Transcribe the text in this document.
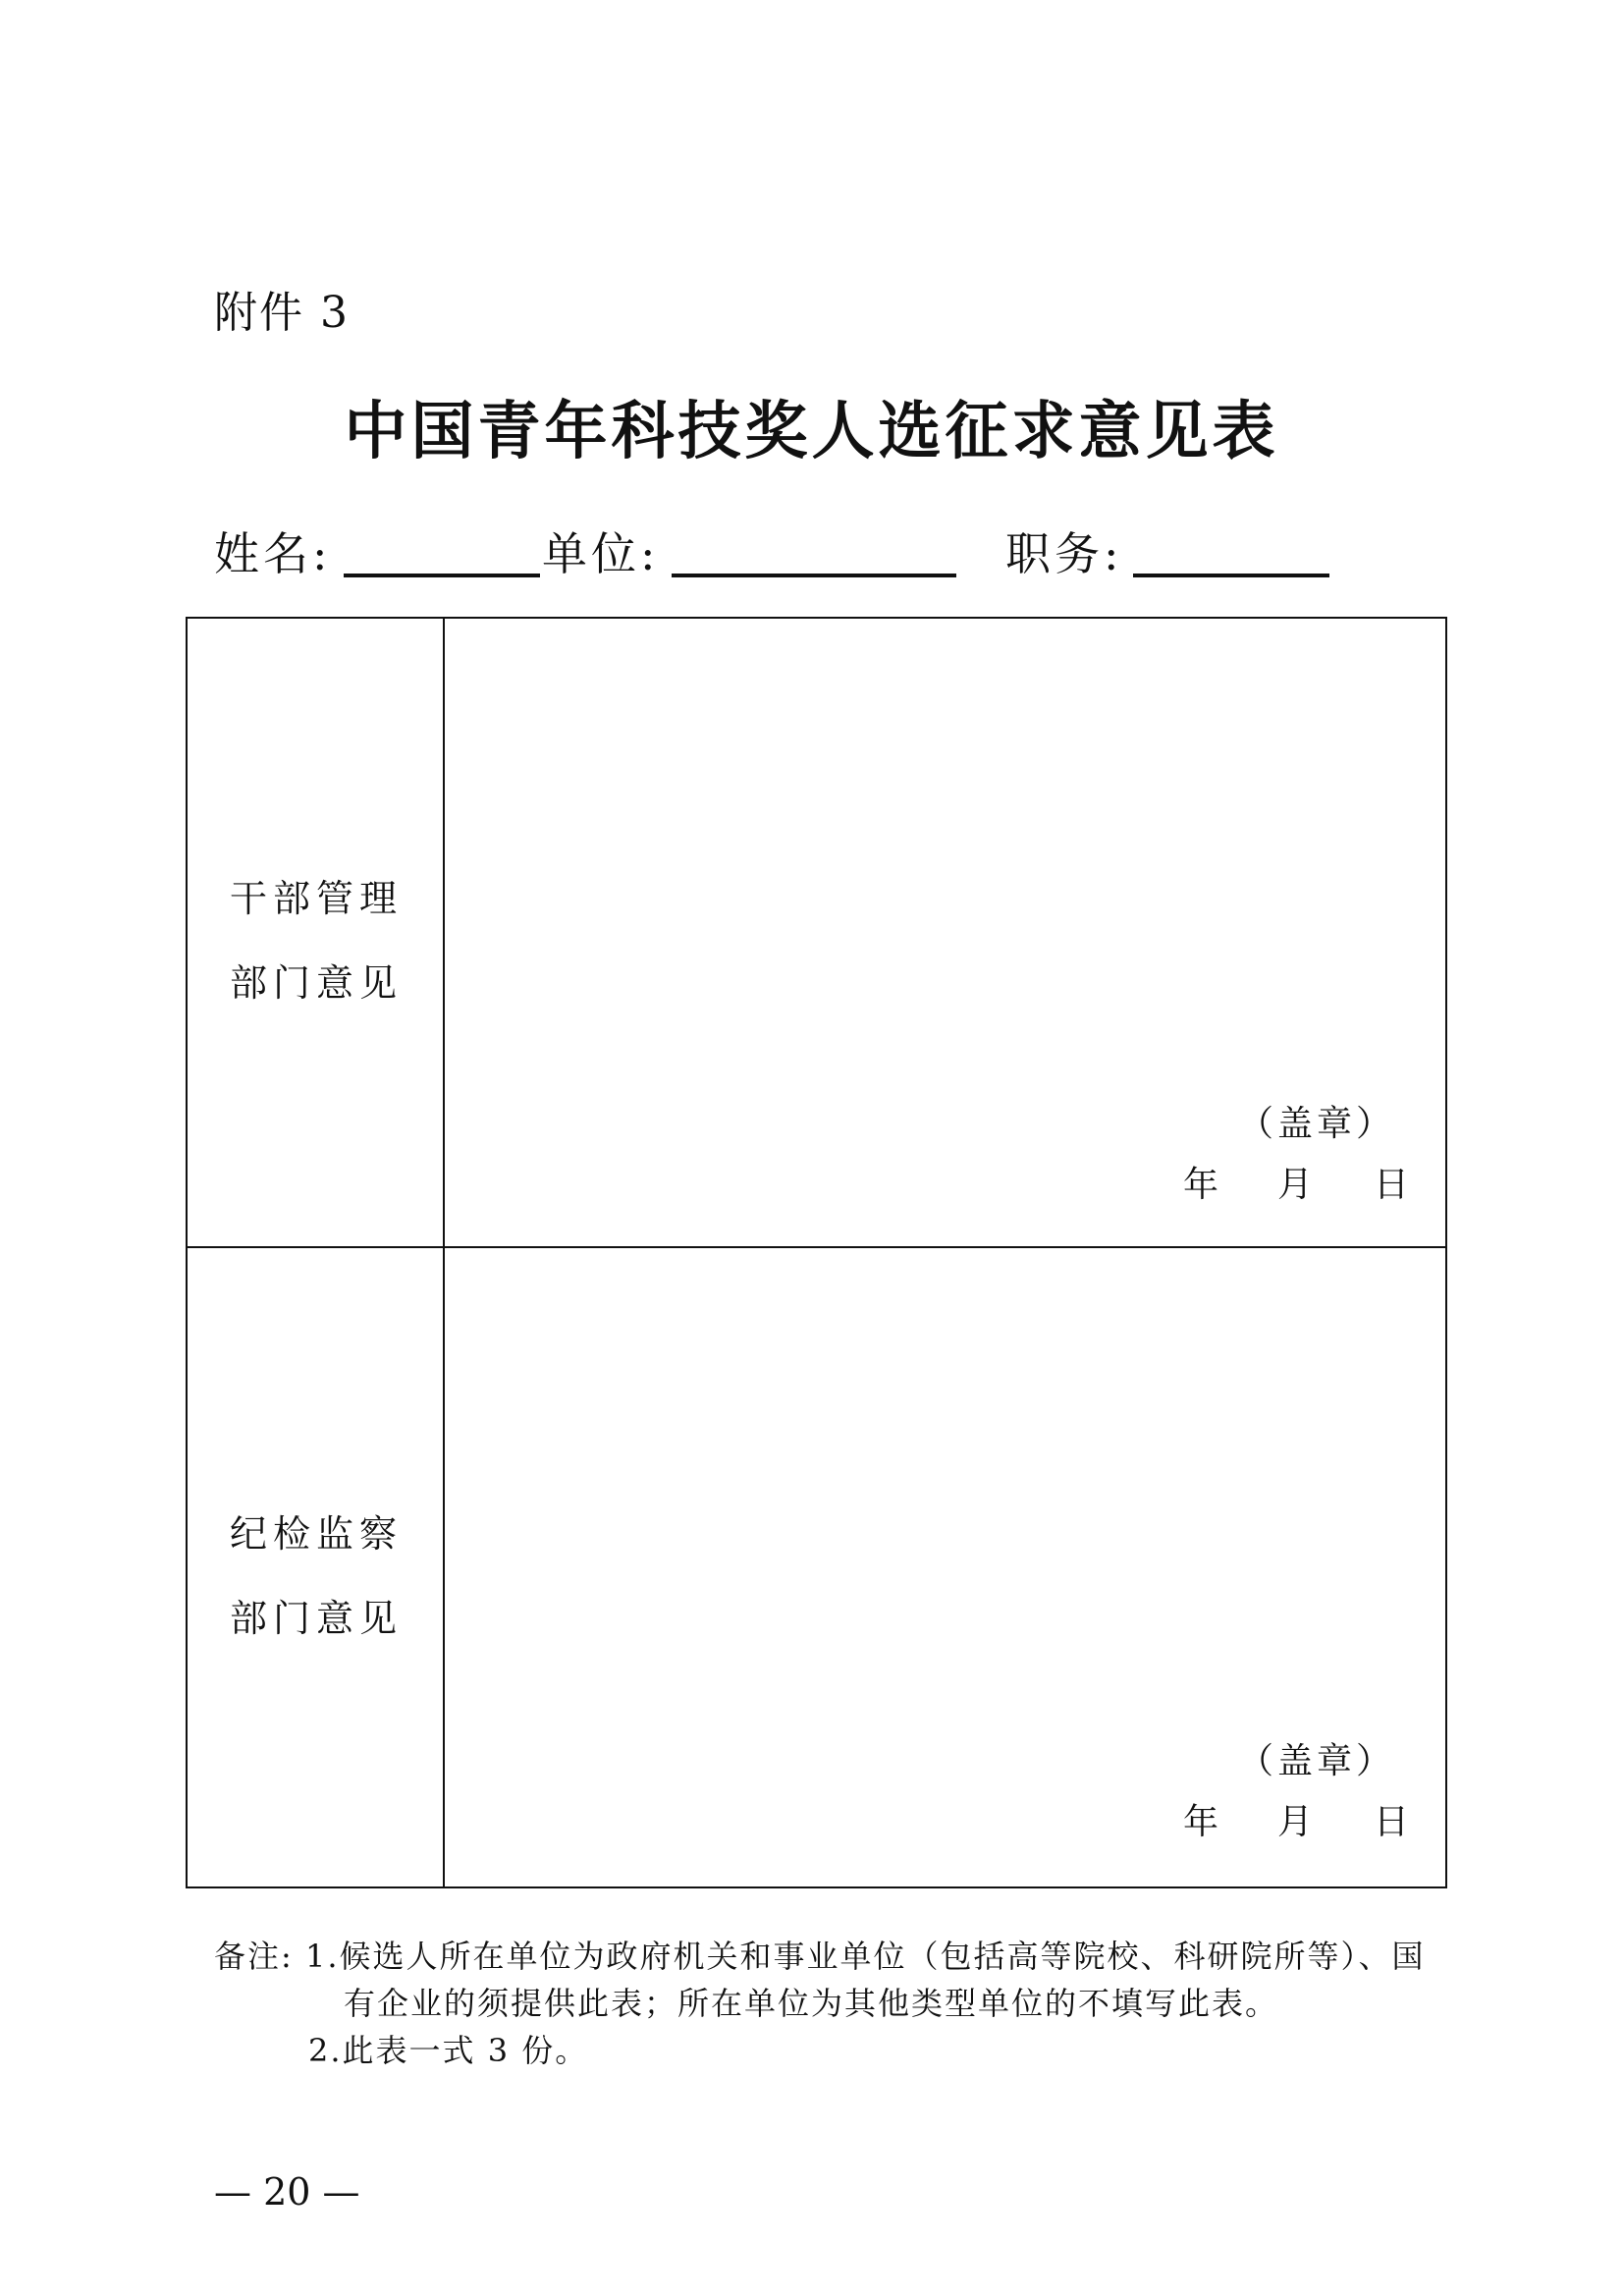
附件 3
中国青年科技奖人选征求意见表
姓名:	单位:	职务:
干部管理
部门意见
（盖章）
年 月 日
纪检监察
部门意见
（盖章）
年 月 日
备注: 1.候选人所在单位为政府机关和事业单位（包括高等院校、科研院所等）、国
有企业的须提供此表；所在单位为其他类型单位的不填写此表。
2.此表一式 3 份。
— 20 —
